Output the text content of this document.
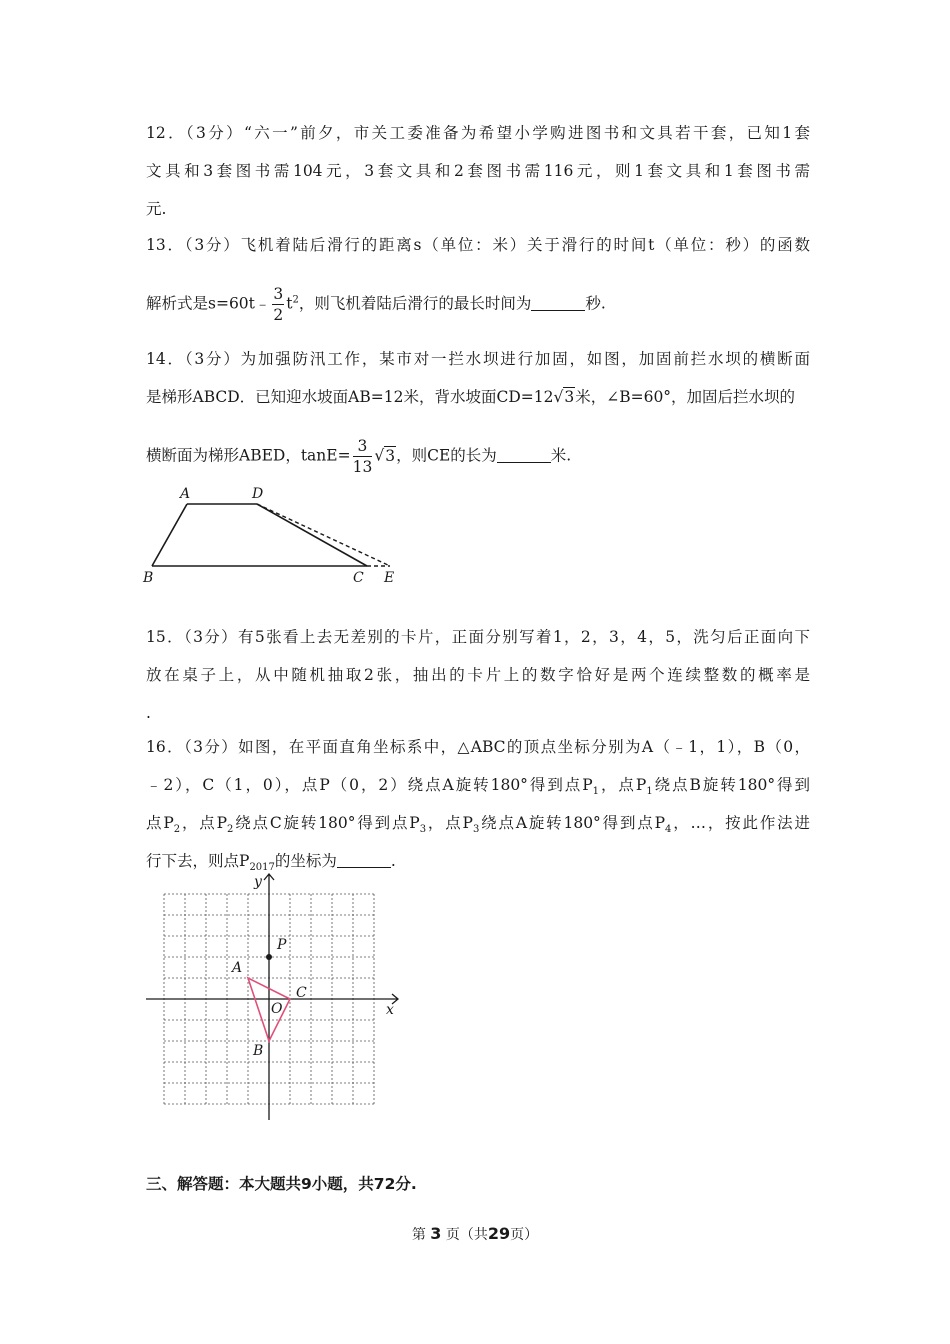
12．（3分）“六一”前夕，市关工委准备为希望小学购进图书和文具若干套，已知1套
文具和3套图书需104元，3套文具和2套图书需116元，则1套文具和1套图书需
元.
13．（3分）飞机着陆后滑行的距离s（单位：米）关于滑行的时间t（单位：秒）的函数
解析式是s=60t﹣ $\frac{3}{2} t^2$，则飞机着陆后滑行的最长时间为	秒.
14．（3分）为加强防汛工作，某市对一拦水坝进行加固，如图，加固前拦水坝的横断面
是梯形ABCD．已知迎水坡面AB=12米，背水坡面CD=12√3米，∠B=60°，加固后拦水坝的
横断面为梯形ABED，$\tan E= \frac{3}{13} √3$，则CE的长为	米.
A	D
B	C E
15．（3分）有5张看上去无差别的卡片，正面分别写着1，2，3，4，5，洗匀后正面向下
放在桌子上，从中随机抽取2张，抽出的卡片上的数字恰好是两个连续整数的概率是
.
16．（3分）如图，在平面直角坐标系中，△ABC的顶点坐标分别为A（﹣1，1），B（0，
﹣2），C（1，0），点P（0，2）绕点A旋转180°得到点$P_1$，点$P_1$绕点B旋转180°得到
点$P_2$，点$P_2$绕点C旋转180°得到点$P_3$，点$P_3$绕点A旋转180°得到点$P_4$，…，按此作法进
行下去，则点$P_{2017}$的坐标为	.
y
x
P
A
C
O
B
三、解答题：本大题共9小题，共72分.
第 3 页（共29页）
